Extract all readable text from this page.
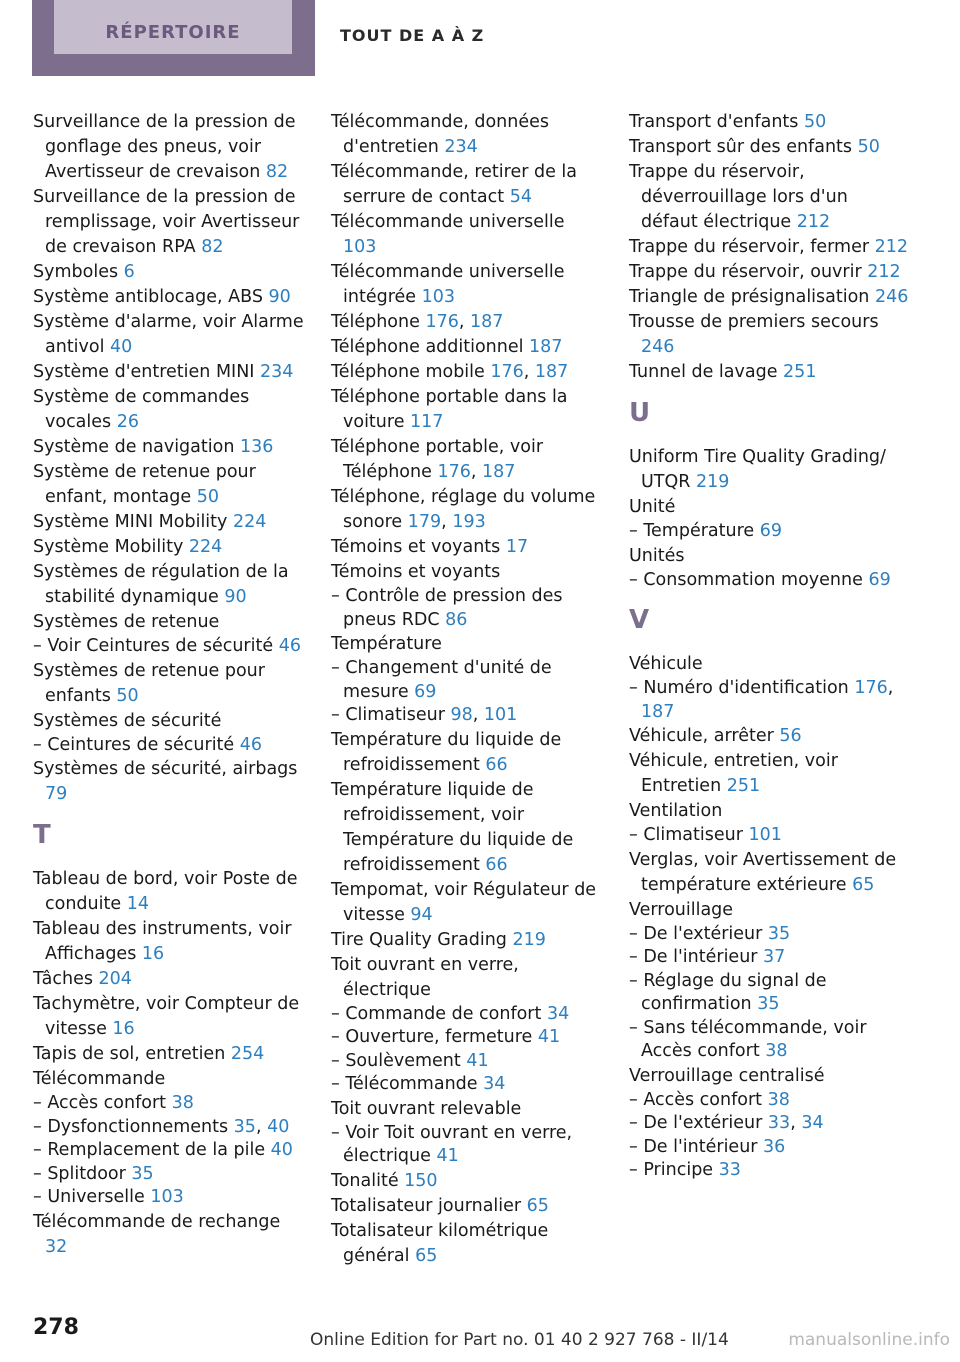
RÉPERTOIRE	TOUT DE A À Z

Surveillance de la pression de gonflage des pneus, voir Avertisseur de crevaison 82

Surveillance de la pression de remplissage, voir Avertisseur de crevaison RPA 82

Symboles 6

Système antiblocage, ABS 90

Système d'alarme, voir Alarme antivol 40

Système d'entretien MINI 234

Système de commandes vocales 26

Système de navigation 136

Système de retenue pour enfant, montage 50

Système MINI Mobility 224

Système Mobility 224

Systèmes de régulation de la stabilité dynamique 90

Systèmes de retenue

– Voir Ceintures de sécurité 46

Systèmes de retenue pour enfants 50

Systèmes de sécurité

– Ceintures de sécurité 46

Systèmes de sécurité, airbags 79

T

Tableau de bord, voir Poste de conduite 14

Tableau des instruments, voir Affichages 16

Tâches 204

Tachymètre, voir Compteur de vitesse 16

Tapis de sol, entretien 254

Télécommande

– Accès confort 38

– Dysfonctionnements 35, 40

– Remplacement de la pile 40

– Splitdoor 35

– Universelle 103

Télécommande de rechange 32

Télécommande, données d'entretien 234

Télécommande, retirer de la serrure de contact 54

Télécommande universelle 103

Télécommande universelle intégrée 103

Téléphone 176, 187

Téléphone additionnel 187

Téléphone mobile 176, 187

Téléphone portable dans la voiture 117

Téléphone portable, voir Téléphone 176, 187

Téléphone, réglage du volume sonore 179, 193

Témoins et voyants 17

Témoins et voyants

– Contrôle de pression des pneus RDC 86

Température

– Changement d'unité de mesure 69

– Climatiseur 98, 101

Température du liquide de refroidissement 66

Température liquide de refroidissement, voir Température du liquide de refroidissement 66

Tempomat, voir Régulateur de vitesse 94

Tire Quality Grading 219

Toit ouvrant en verre, électrique

– Commande de confort 34

– Ouverture, fermeture 41

– Soulèvement 41

– Télécommande 34

Toit ouvrant relevable

– Voir Toit ouvrant en verre, électrique 41

Tonalité 150

Totalisateur journalier 65

Totalisateur kilométrique général 65

Transport d'enfants 50

Transport sûr des enfants 50

Trappe du réservoir, déverrouillage lors d'un défaut électrique 212

Trappe du réservoir, fermer 212

Trappe du réservoir, ouvrir 212

Triangle de présignalisation 246

Trousse de premiers secours 246

Tunnel de lavage 251

U

Uniform Tire Quality Grading/ UTQR 219

Unité

– Température 69

Unités

– Consommation moyenne 69

V

Véhicule

– Numéro d'identification 176, 187

Véhicule, arrêter 56

Véhicule, entretien, voir Entretien 251

Ventilation

– Climatiseur 101

Verglas, voir Avertissement de température extérieure 65

Verrouillage

– De l'extérieur 35

– De l'intérieur 37

– Réglage du signal de confirmation 35

– Sans télécommande, voir Accès confort 38

Verrouillage centralisé

– Accès confort 38

– De l'extérieur 33, 34

– De l'intérieur 36

– Principe 33

278	Online Edition for Part no. 01 40 2 927 768 - II/14	manualsonline.info
